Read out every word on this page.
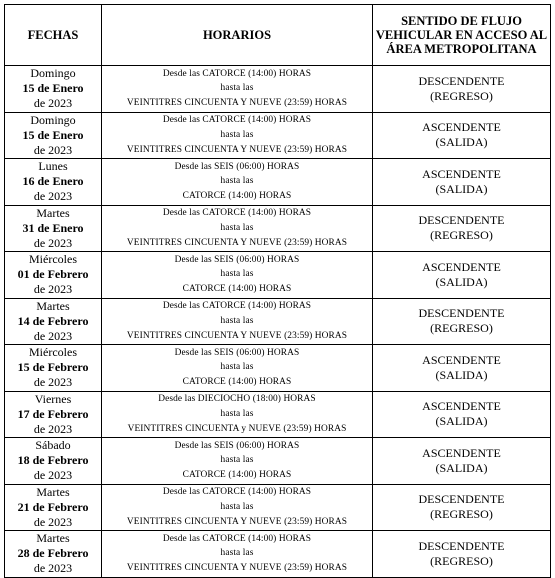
FECHAS	HORARIOS	SENTIDO DE FLUJO VEHICULAR EN ACCESO AL ÁREA METROPOLITANA

Domingo
15 de Enero
de 2023	Desde las CATORCE (14:00) HORAS
hasta las
VEINTITRES CINCUENTA Y NUEVE (23:59) HORAS	DESCENDENTE
(REGRESO)

Domingo
15 de Enero
de 2023	Desde las CATORCE (14:00) HORAS
hasta las
VEINTITRES CINCUENTA Y NUEVE (23:59) HORAS	ASCENDENTE
(SALIDA)

Lunes
16 de Enero
de 2023	Desde las SEIS (06:00) HORAS
hasta las
CATORCE (14:00) HORAS	ASCENDENTE
(SALIDA)

Martes
31 de Enero
de 2023	Desde las CATORCE (14:00) HORAS
hasta las
VEINTITRES CINCUENTA Y NUEVE (23:59) HORAS	DESCENDENTE
(REGRESO)

Miércoles
01 de Febrero
de 2023	Desde las SEIS (06:00) HORAS
hasta las
CATORCE (14:00) HORAS	ASCENDENTE
(SALIDA)

Martes
14 de Febrero
de 2023	Desde las CATORCE (14:00) HORAS
hasta las
VEINTITRES CINCUENTA Y NUEVE (23:59) HORAS	DESCENDENTE
(REGRESO)

Miércoles
15 de Febrero
de 2023	Desde las SEIS (06:00) HORAS
hasta las
CATORCE (14:00) HORAS	ASCENDENTE
(SALIDA)

Viernes
17 de Febrero
de 2023	Desde las DIECIOCHO (18:00) HORAS
hasta las
VEINTITRES CINCUENTA y NUEVE (23:59) HORAS	ASCENDENTE
(SALIDA)

Sábado
18 de Febrero
de 2023	Desde las SEIS (06:00) HORAS
hasta las
CATORCE (14:00) HORAS	ASCENDENTE
(SALIDA)

Martes
21 de Febrero
de 2023	Desde las CATORCE (14:00) HORAS
hasta las
VEINTITRES CINCUENTA Y NUEVE (23:59) HORAS	DESCENDENTE
(REGRESO)

Martes
28 de Febrero
de 2023	Desde las CATORCE (14:00) HORAS
hasta las
VEINTITRES CINCUENTA Y NUEVE (23:59) HORAS	DESCENDENTE
(REGRESO)
